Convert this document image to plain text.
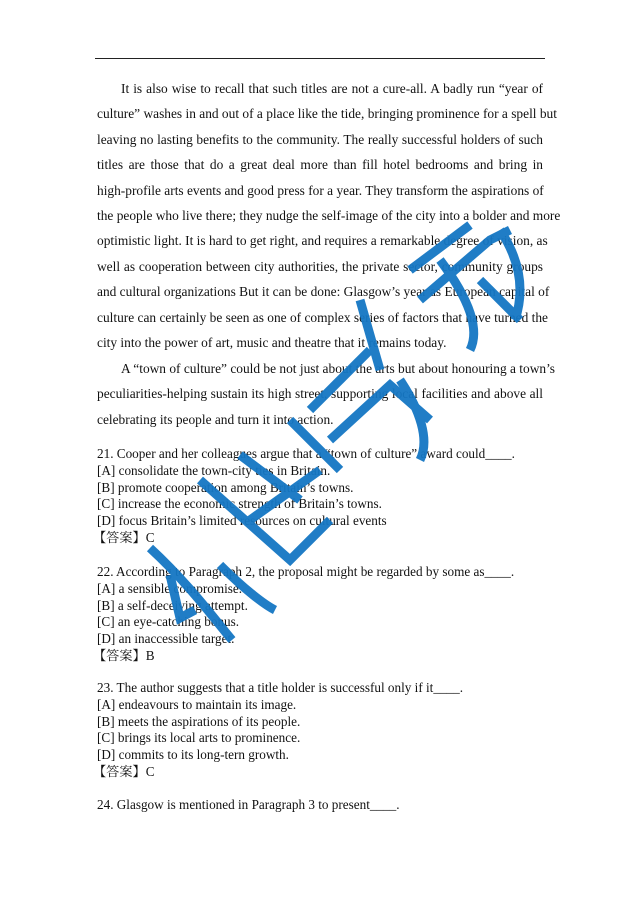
It is also wise to recall that such titles are not a cure-all. A badly run “year of
culture” washes in and out of a place like the tide, bringing prominence for a spell but
leaving no lasting benefits to the community. The really successful holders of such
titles are those that do a great deal more than fill hotel bedrooms and bring in
high-profile arts events and good press for a year. They transform the aspirations of
the people who live there; they nudge the self-image of the city into a bolder and more
optimistic light. It is hard to get right, and requires a remarkable degree of vision, as
well as cooperation between city authorities, the private sector, community groups
and cultural organizations But it can be done: Glasgow’s year as European capital of
culture can certainly be seen as one of complex series of factors that have turned the
city into the power of art, music and theatre that it remains today.
A “town of culture” could be not just about the arts but about honouring a town’s
peculiarities-helping sustain its high street, supporting local facilities and above all
celebrating its people and turn it into action.
21. Cooper and her colleagues argue that a “town of culture” award could____.
[A] consolidate the town-city ties in Britain.
[B] promote cooperation among Britain’s towns.
[C] increase the economic strength of Britain’s towns.
[D] focus Britain’s limited resources on cultural events
【答案】C
22. According to Paragraph 2, the proposal might be regarded by some as____.
[A] a sensible compromise.
[B] a self-deceiving attempt.
[C] an eye-catching bonus.
[D] an inaccessible target.
【答案】B
23. The author suggests that a title holder is successful only if it____.
[A] endeavours to maintain its image.
[B] meets the aspirations of its people.
[C] brings its local arts to prominence.
[D] commits to its long-tern growth.
【答案】C
24. Glasgow is mentioned in Paragraph 3 to present____.
